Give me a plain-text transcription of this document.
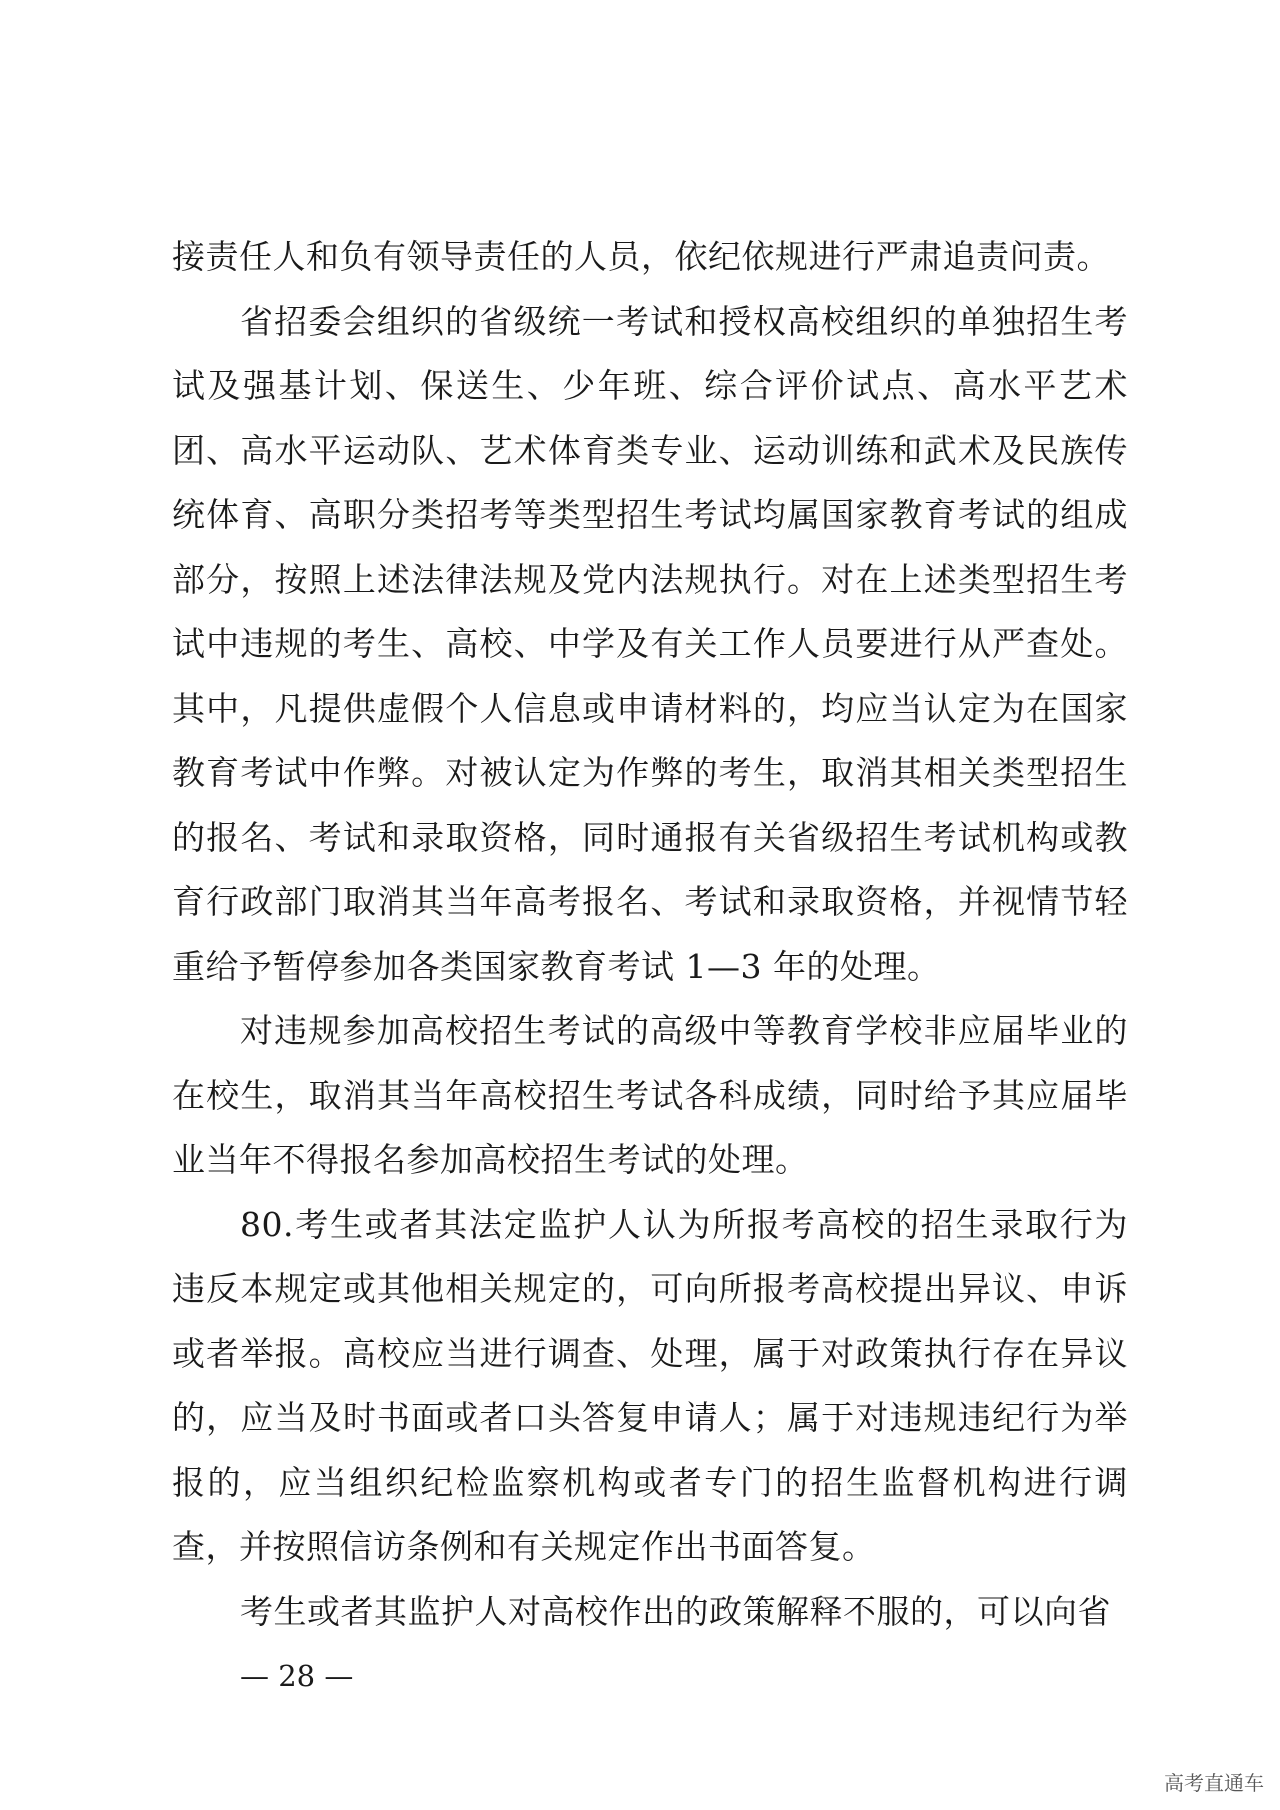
接责任人和负有领导责任的人员，依纪依规进行严肃追责问责。

省招委会组织的省级统一考试和授权高校组织的单独招生考试及强基计划、保送生、少年班、综合评价试点、高水平艺术团、高水平运动队、艺术体育类专业、运动训练和武术及民族传统体育、高职分类招考等类型招生考试均属国家教育考试的组成部分，按照上述法律法规及党内法规执行。对在上述类型招生考试中违规的考生、高校、中学及有关工作人员要进行从严查处。其中，凡提供虚假个人信息或申请材料的，均应当认定为在国家教育考试中作弊。对被认定为作弊的考生，取消其相关类型招生的报名、考试和录取资格，同时通报有关省级招生考试机构或教育行政部门取消其当年高考报名、考试和录取资格，并视情节轻重给予暂停参加各类国家教育考试 1—3 年的处理。

对违规参加高校招生考试的高级中等教育学校非应届毕业的在校生，取消其当年高校招生考试各科成绩，同时给予其应届毕业当年不得报名参加高校招生考试的处理。

80.考生或者其法定监护人认为所报考高校的招生录取行为违反本规定或其他相关规定的，可向所报考高校提出异议、申诉或者举报。高校应当进行调查、处理，属于对政策执行存在异议的，应当及时书面或者口头答复申请人；属于对违规违纪行为举报的，应当组织纪检监察机构或者专门的招生监督机构进行调查，并按照信访条例和有关规定作出书面答复。

考生或者其监护人对高校作出的政策解释不服的，可以向省

— 28 —
高考直通车
